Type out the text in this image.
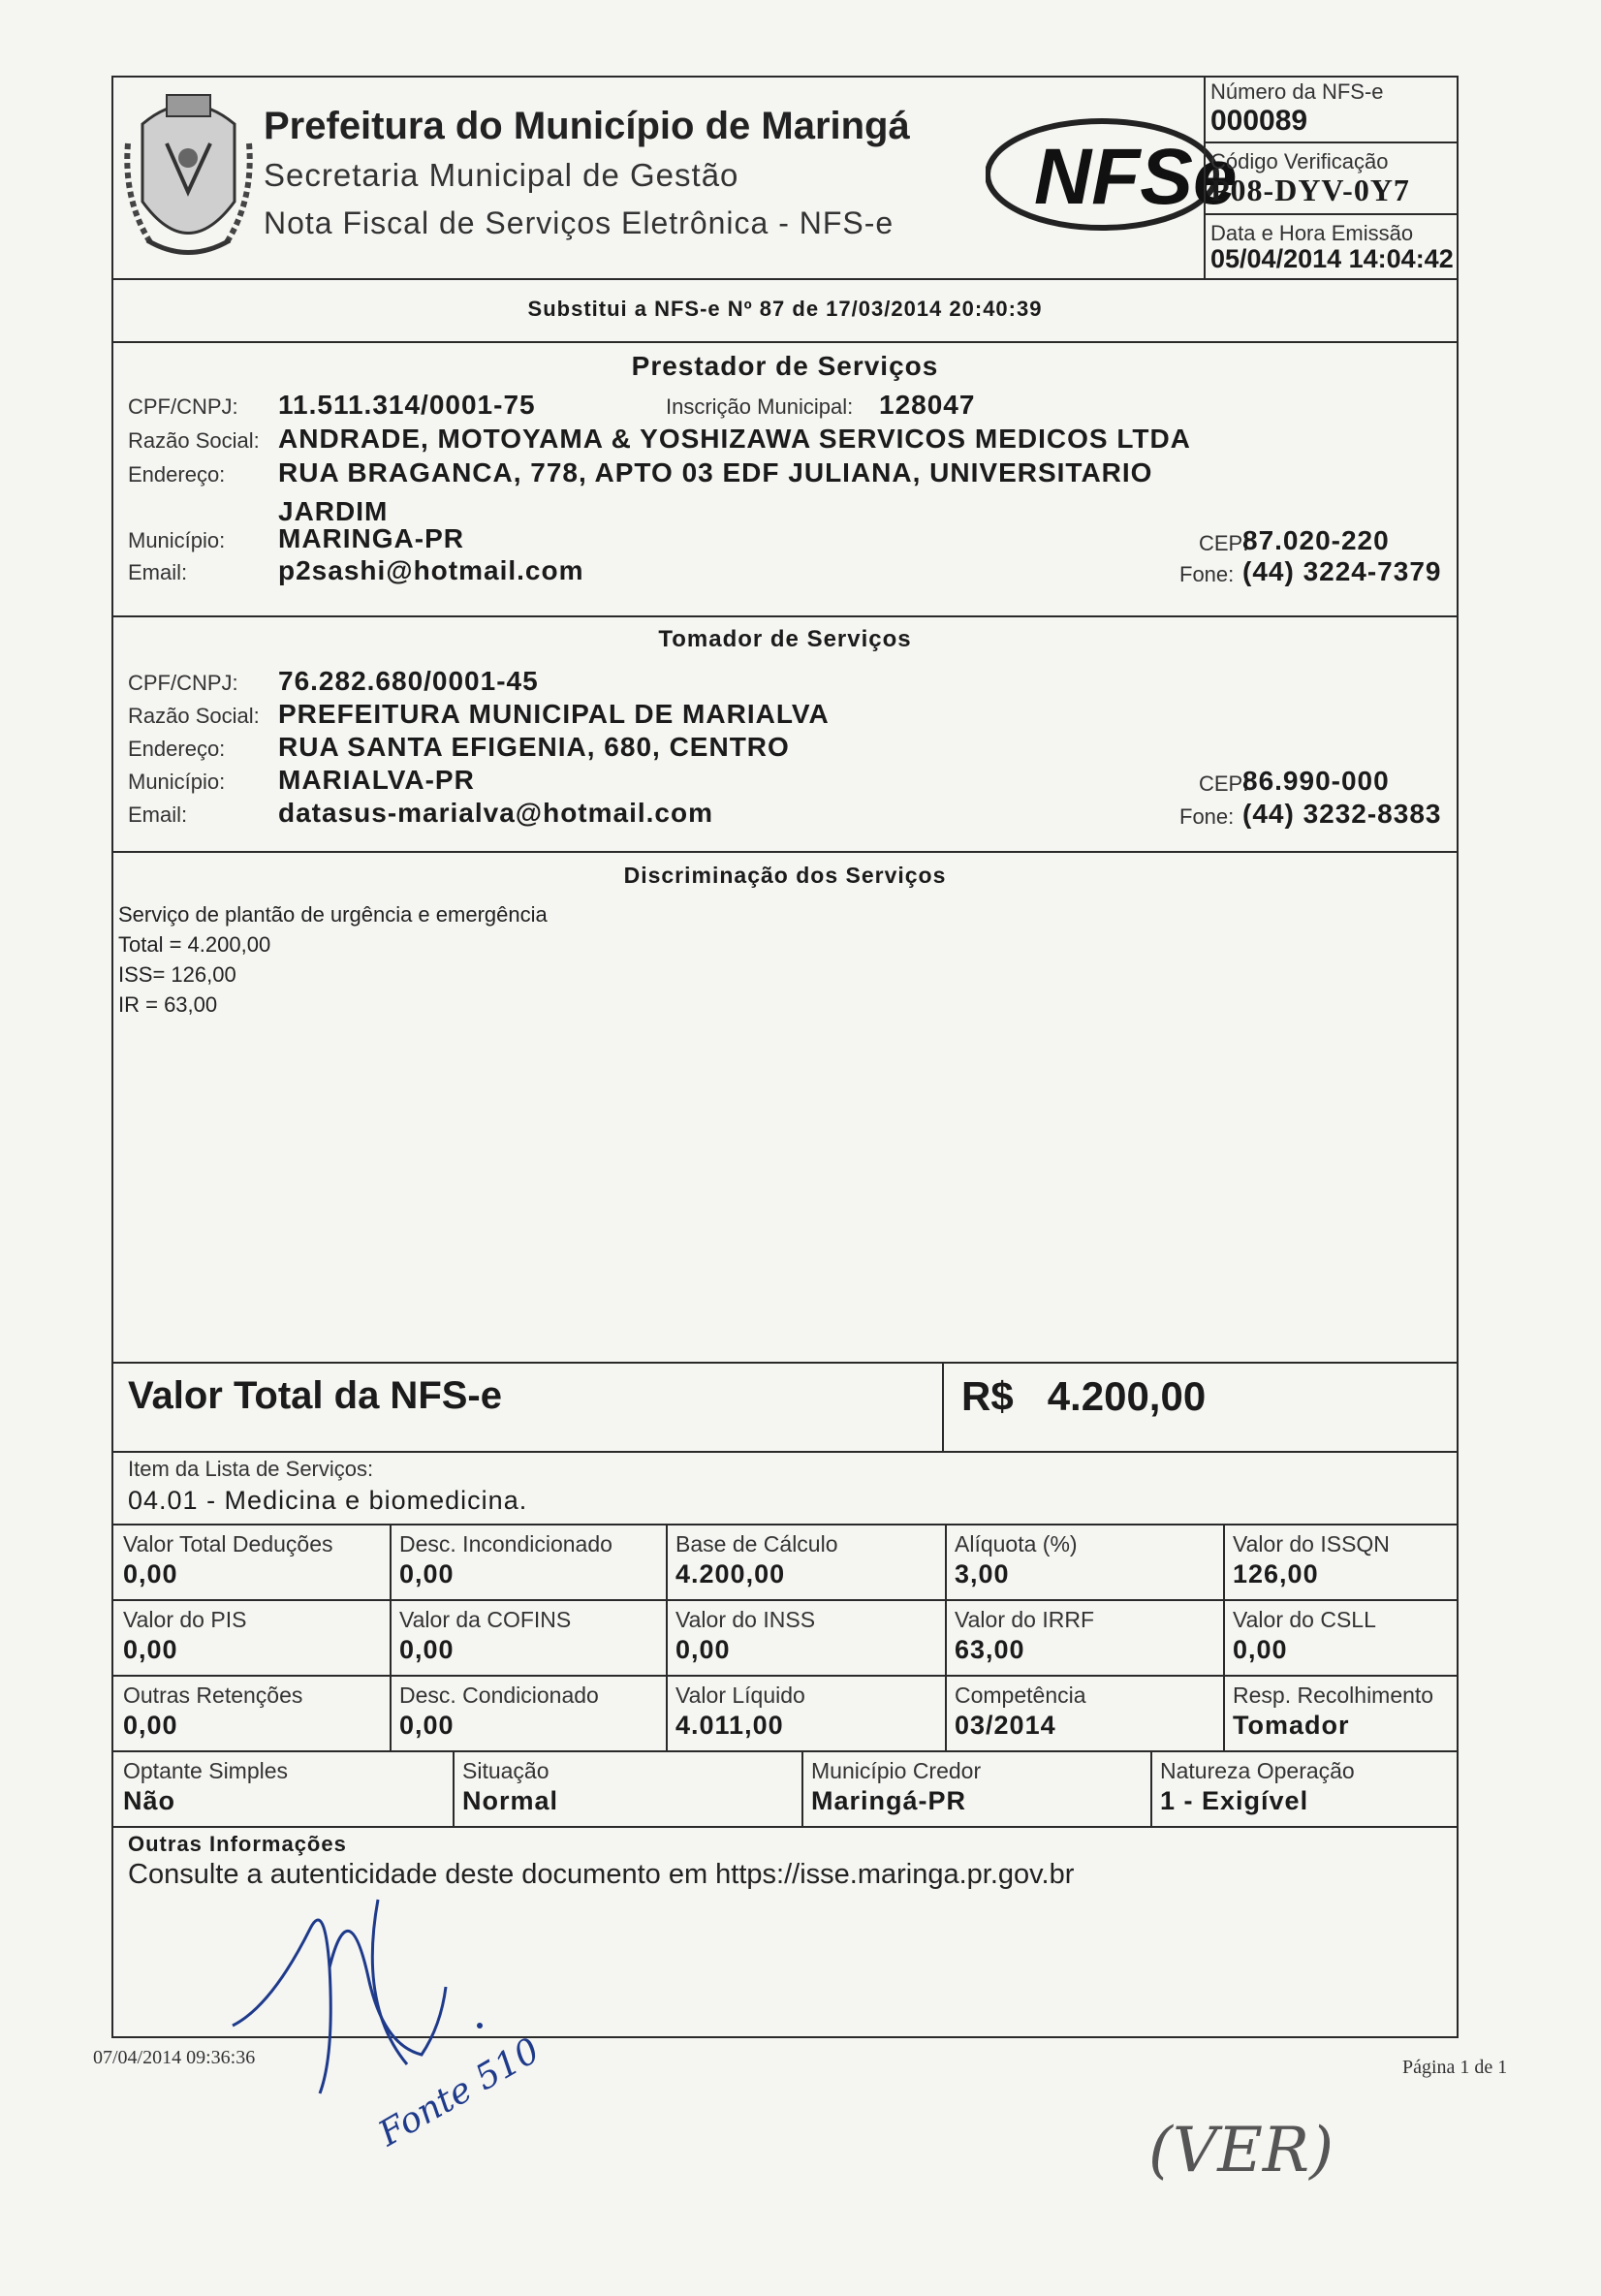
Prefeitura do Município de Maringá
Secretaria Municipal de Gestão
Nota Fiscal de Serviços Eletrônica - NFS-e
NFSe
Número da NFS-e
000089
Código Verificação
P08-DYV-0Y7
Data e Hora Emissão
05/04/2014 14:04:42
Substitui a NFS-e Nº 87 de 17/03/2014 20:40:39
Prestador de Serviços
CPF/CNPJ: 11.511.314/0001-75	Inscrição Municipal: 128047
Razão Social: ANDRADE, MOTOYAMA & YOSHIZAWA SERVICOS MEDICOS LTDA
Endereço: RUA BRAGANCA, 778, APTO 03 EDF JULIANA, UNIVERSITARIO
JARDIM
Município: MARINGA-PR	CEP:
87.020-220
Email:	p2sashi@hotmail.com	Fone: (44) 3224-7379
Tomador de Serviços
CPF/CNPJ: 76.282.680/0001-45
Razão Social: PREFEITURA MUNICIPAL DE MARIALVA
Endereço: RUA SANTA EFIGENIA, 680, CENTRO
Município: MARIALVA-PR	CEP:
86.990-000
Email:	datasus-marialva@hotmail.com	Fone: (44) 3232-8383
Discriminação dos Serviços
Serviço de plantão de urgência e emergência
Total = 4.200,00
ISS= 126,00
IR = 63,00
Valor Total da NFS-e	R$   4.200,00
Item da Lista de Serviços:
04.01 - Medicina e biomedicina.
Valor Total Deduções
0,00
Desc. Incondicionado
0,00
Base de Cálculo
4.200,00
Alíquota (%)
3,00
Valor do ISSQN
126,00
Valor do PIS
0,00
Valor da COFINS
0,00
Valor do INSS
0,00
Valor do IRRF
63,00
Valor do CSLL
0,00
Outras Retenções
0,00
Desc. Condicionado
0,00
Valor Líquido
4.011,00
Competência
03/2014
Resp. Recolhimento
Tomador
Optante Simples
Não
Situação
Normal
Município Credor
Maringá-PR
Natureza Operação
1 - Exigível
Outras Informações
Consulte a autenticidade deste documento em https://isse.maringa.pr.gov.br
07/04/2014 09:36:36	Página 1 de 1
Fonte 510	(VER)
